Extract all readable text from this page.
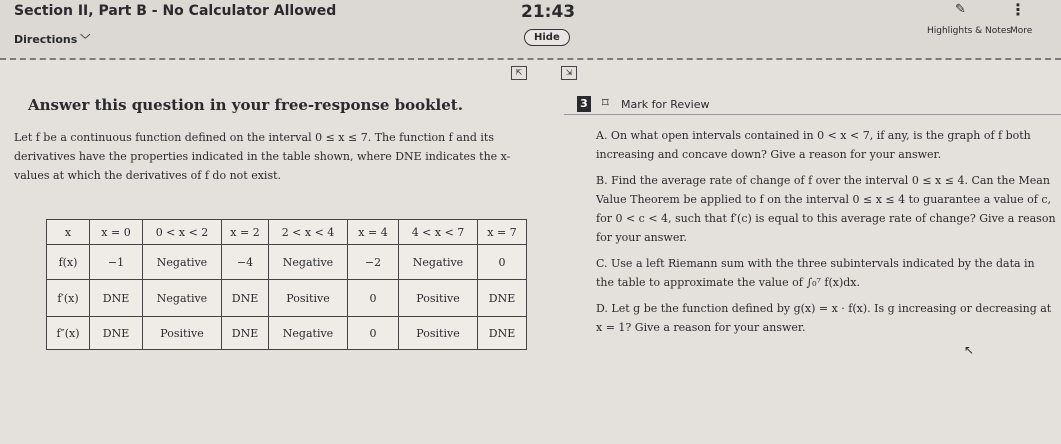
Section II, Part B - No Calculator Allowed	21:43
Directions ﹀	Hide
✎	⋮
Highlights & Notes
More
⇱	⇲
Answer this question in your free-response booklet.
Let f be a continuous function defined on the interval 0 ≤ x ≤ 7. The function f and its derivatives have the properties indicated in the table shown, where DNE indicates the x-values at which the derivatives of f do not exist.
x	x = 0	0 < x < 2	x = 2	2 < x < 4	x = 4	4 < x < 7	x = 7
f(x)	−1	Negative	−4	Negative	−2	Negative	0
f′(x)	DNE	Negative	DNE	Positive	0	Positive	DNE
f″(x)	DNE	Positive	DNE	Negative	0	Positive	DNE
3 ⌑ Mark for Review

A. On what open intervals contained in 0 < x < 7, if any, is the graph of f both increasing and concave down? Give a reason for your answer.

B. Find the average rate of change of f over the interval 0 ≤ x ≤ 4. Can the Mean Value Theorem be applied to f on the interval 0 ≤ x ≤ 4 to guarantee a value of c, for 0 < c < 4, such that f′(c) is equal to this average rate of change? Give a reason for your answer.

C. Use a left Riemann sum with the three subintervals indicated by the data in the table to approximate the value of ∫₀⁷ f(x)dx.

D. Let g be the function defined by g(x) = x · f(x). Is g increasing or decreasing at x = 1? Give a reason for your answer.

↖
